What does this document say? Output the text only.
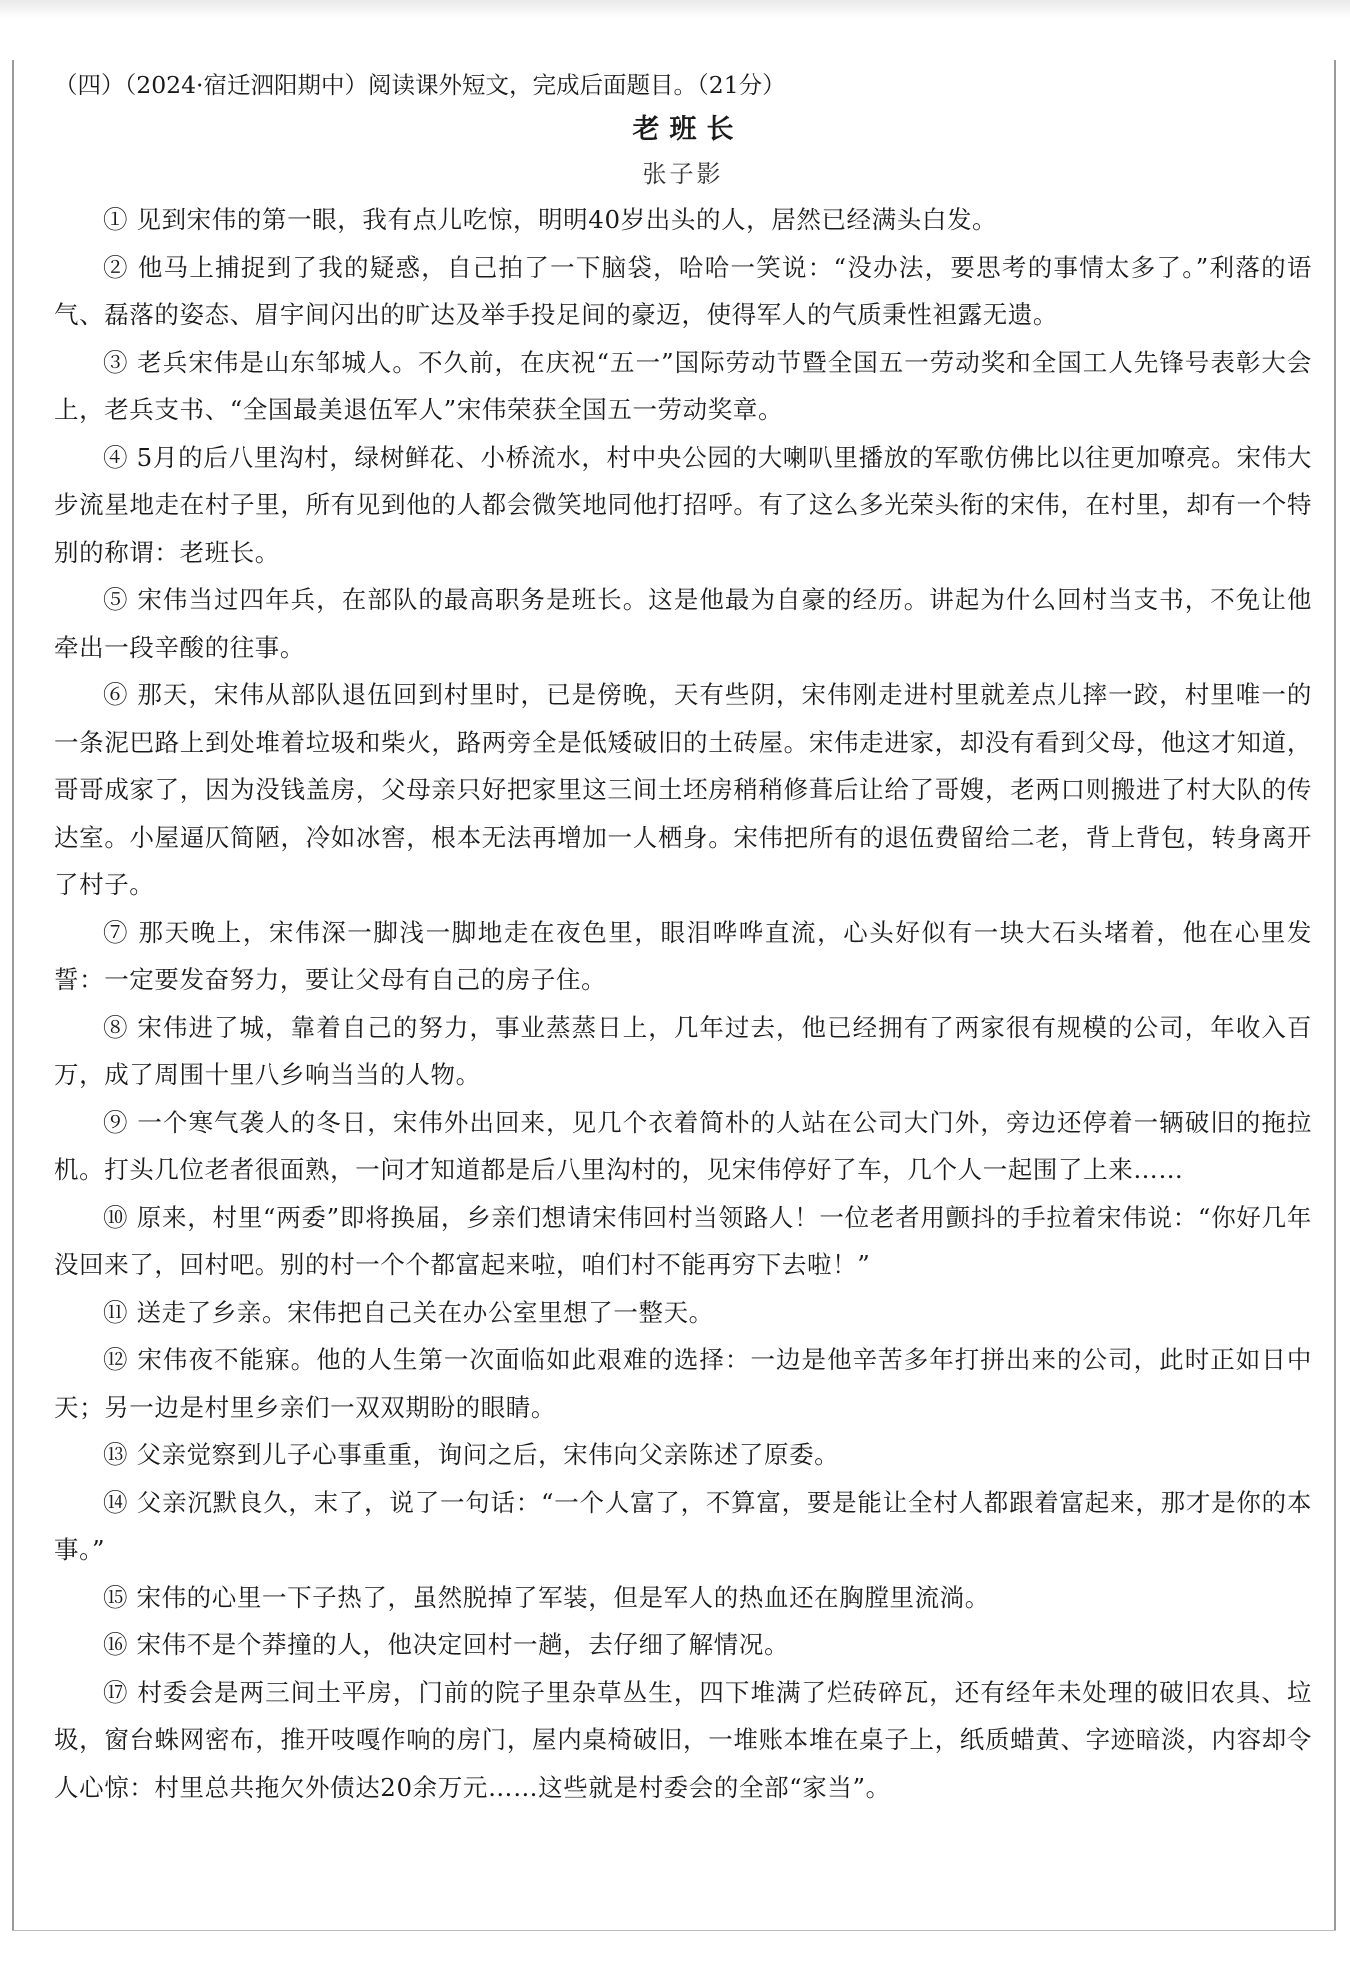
（四）（2024·宿迁泗阳期中）阅读课外短文，完成后面题目。（21分）
老班长
张子影

① 见到宋伟的第一眼，我有点儿吃惊，明明40岁出头的人，居然已经满头白发。

② 他马上捕捉到了我的疑惑，自己拍了一下脑袋，哈哈一笑说：“没办法，要思考的事情太多了。”利落的语气、磊落的姿态、眉宇间闪出的旷达及举手投足间的豪迈，使得军人的气质秉性袒露无遗。

③ 老兵宋伟是山东邹城人。不久前，在庆祝“五一”国际劳动节暨全国五一劳动奖和全国工人先锋号表彰大会上，老兵支书、“全国最美退伍军人”宋伟荣获全国五一劳动奖章。

④ 5月的后八里沟村，绿树鲜花、小桥流水，村中央公园的大喇叭里播放的军歌仿佛比以往更加嘹亮。宋伟大步流星地走在村子里，所有见到他的人都会微笑地同他打招呼。有了这么多光荣头衔的宋伟，在村里，却有一个特别的称谓：老班长。

⑤ 宋伟当过四年兵，在部队的最高职务是班长。这是他最为自豪的经历。讲起为什么回村当支书，不免让他牵出一段辛酸的往事。

⑥ 那天，宋伟从部队退伍回到村里时，已是傍晚，天有些阴，宋伟刚走进村里就差点儿摔一跤，村里唯一的一条泥巴路上到处堆着垃圾和柴火，路两旁全是低矮破旧的土砖屋。宋伟走进家，却没有看到父母，他这才知道，哥哥成家了，因为没钱盖房，父母亲只好把家里这三间土坯房稍稍修葺后让给了哥嫂，老两口则搬进了村大队的传达室。小屋逼仄简陋，冷如冰窖，根本无法再增加一人栖身。宋伟把所有的退伍费留给二老，背上背包，转身离开了村子。

⑦ 那天晚上，宋伟深一脚浅一脚地走在夜色里，眼泪哗哗直流，心头好似有一块大石头堵着，他在心里发誓：一定要发奋努力，要让父母有自己的房子住。

⑧ 宋伟进了城，靠着自己的努力，事业蒸蒸日上，几年过去，他已经拥有了两家很有规模的公司，年收入百万，成了周围十里八乡响当当的人物。

⑨ 一个寒气袭人的冬日，宋伟外出回来，见几个衣着简朴的人站在公司大门外，旁边还停着一辆破旧的拖拉机。打头几位老者很面熟，一问才知道都是后八里沟村的，见宋伟停好了车，几个人一起围了上来……

⑩ 原来，村里“两委”即将换届，乡亲们想请宋伟回村当领路人！一位老者用颤抖的手拉着宋伟说：“你好几年没回来了，回村吧。别的村一个个都富起来啦，咱们村不能再穷下去啦！”

⑪ 送走了乡亲。宋伟把自己关在办公室里想了一整天。

⑫ 宋伟夜不能寐。他的人生第一次面临如此艰难的选择：一边是他辛苦多年打拼出来的公司，此时正如日中天；另一边是村里乡亲们一双双期盼的眼睛。

⑬ 父亲觉察到儿子心事重重，询问之后，宋伟向父亲陈述了原委。

⑭ 父亲沉默良久，末了，说了一句话：“一个人富了，不算富，要是能让全村人都跟着富起来，那才是你的本事。”

⑮ 宋伟的心里一下子热了，虽然脱掉了军装，但是军人的热血还在胸膛里流淌。

⑯ 宋伟不是个莽撞的人，他决定回村一趟，去仔细了解情况。

⑰ 村委会是两三间土平房，门前的院子里杂草丛生，四下堆满了烂砖碎瓦，还有经年未处理的破旧农具、垃圾，窗台蛛网密布，推开吱嘎作响的房门，屋内桌椅破旧，一堆账本堆在桌子上，纸质蜡黄、字迹暗淡，内容却令人心惊：村里总共拖欠外债达20余万元……这些就是村委会的全部“家当”。
